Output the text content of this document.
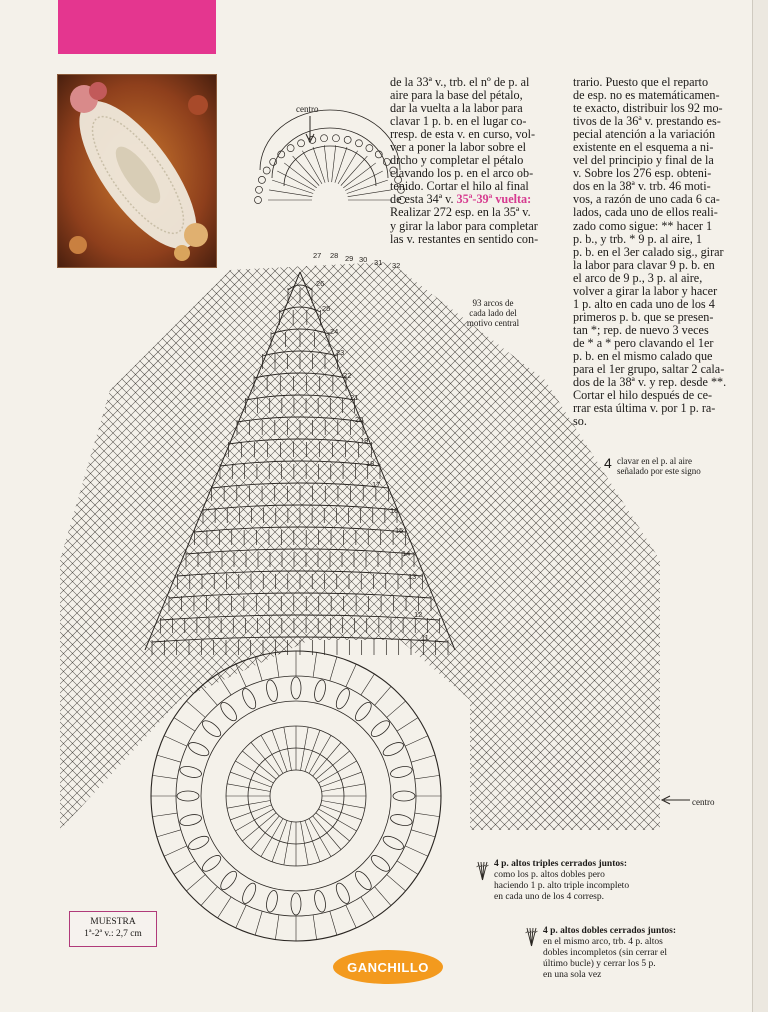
de la 33ª v., trb. el nº de p. al
aire para la base del pétalo,
dar la vuelta a la labor para
clavar 1 p. b. en el lugar co-
rresp. de esta v. en curso, vol-
ver a poner la labor sobre el
drcho y completar el pétalo
clavando los p. en el arco ob-
tenido. Cortar el hilo al final
de esta 34ª v. 35ª-39ª vuelta:
Realizar 272 esp. en la 35ª v.
y girar la labor para completar
las v. restantes en sentido con-
trario. Puesto que el reparto
de esp. no es matemáticamen-
te exacto, distribuir los 92 mo-
tivos de la 36ª v. prestando es-
pecial atención a la variación
existente en el esquema a ni-
vel del principio y final de la
v. Sobre los 276 esp. obteni-
dos en la 38ª v. trb. 46 moti-
vos, a razón de uno cada 6 ca-
lados, cada uno de ellos reali-
zado como sigue: ** hacer 1
p. b., y trb. * 9 p. al aire, 1
p. b. en el 3er calado sig., girar
la labor para clavar 9 p. b. en
el arco de 9 p., 3 p. al aire,
volver a girar la labor y hacer
1 p. alto en cada uno de los 4
primeros p. b. que se presen-
tan *; rep. de nuevo 3 veces
de * a * pero clavando el 1er
p. b. en el mismo calado que
para el 1er grupo, saltar 2 cala-
dos de la 38ª v. y rep. desde **.
Cortar el hilo después de ce-
rrar esta última v. por 1 p. ra-
so.
centro
centro
93 arcos de
cada lado del
motivo central
4 clavar en el p. al aire
señalado por este signo
27 28 29 30 31 32
26
25
24
23
22
21
20
19
18
17
16
15
14
13
12
11
4 p. altos triples cerrados juntos:
como los p. altos dobles pero
haciendo 1 p. alto triple incompleto
en cada uno de los 4 corresp.
4 p. altos dobles cerrados juntos:
en el mismo arco, trb. 4 p. altos
dobles incompletos (sin cerrar el
último bucle) y cerrar los 5 p.
en una sola vez
MUESTRA
1ª-2ª v.: 2,7 cm
GANCHILLO
